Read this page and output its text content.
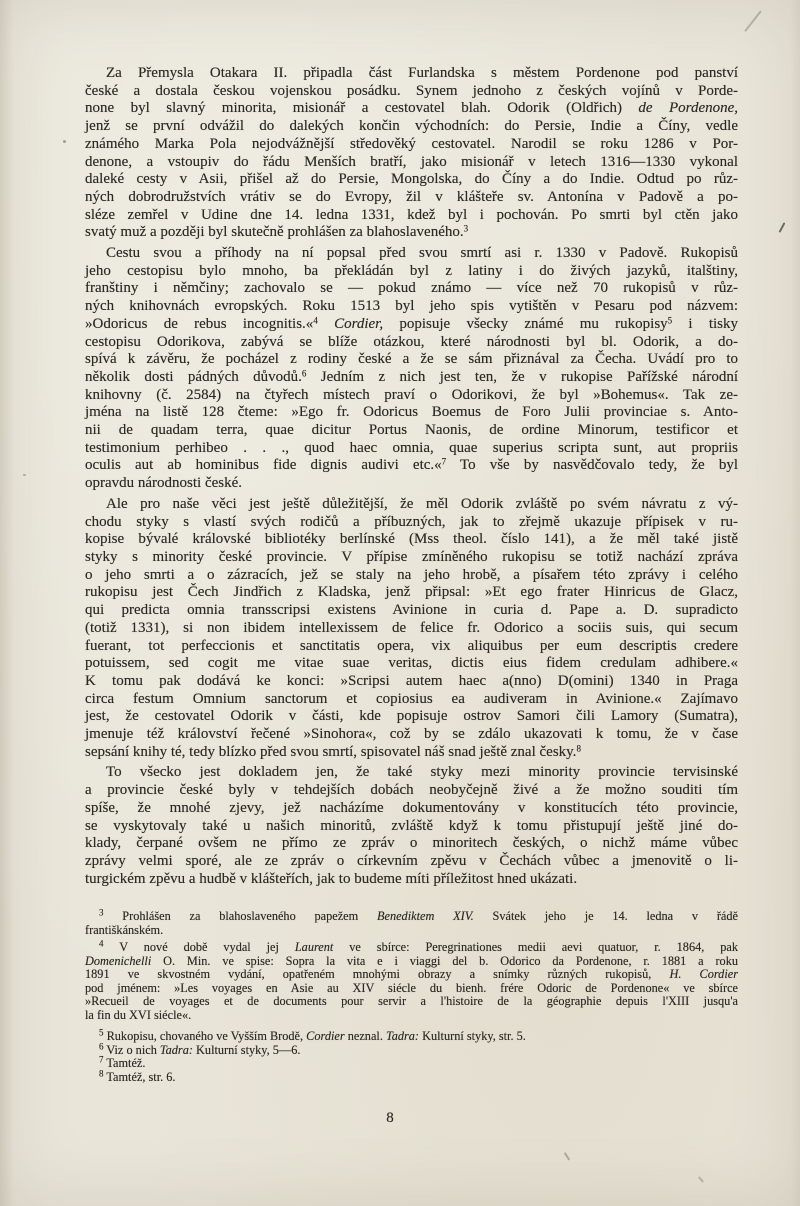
Za Přemysla Otakara II. připadla část Furlandska s městem Pordenone pod panství
české a dostala českou vojenskou posádku. Synem jednoho z českých vojínů v Porde-
none byl slavný minorita, misionář a cestovatel blah. Odorik (Oldřich) de Pordenone,
jenž se první odvážil do dalekých končin východních: do Persie, Indie a Číny, vedle
známého Marka Pola nejodvážnější středověký cestovatel. Narodil se roku 1286 v Por-
denone, a vstoupiv do řádu Menších bratří, jako misionář v letech 1316—1330 vykonal
daleké cesty v Asii, přišel až do Persie, Mongolska, do Číny a do Indie. Odtud po růz-
ných dobrodružstvích vrátiv se do Evropy, žil v klášteře sv. Antonína v Padově a po-
sléze zemřel v Udine dne 14. ledna 1331, kdež byl i pochován. Po smrti byl ctěn jako
svatý muž a později byl skutečně prohlášen za blahoslaveného.$^3$
Cestu svou a příhody na ní popsal před svou smrtí asi r. 1330 v Padově. Rukopisů
jeho cestopisu bylo mnoho, ba překládán byl z latiny i do živých jazyků, italštiny,
franštiny i němčiny; zachovalo se — pokud známo — více než 70 rukopisů v růz-
ných knihovnách evropských. Roku 1513 byl jeho spis vytištěn v Pesaru pod názvem:
»Odoricus de rebus incognitis.«$^4$ Cordier, popisuje všecky známé mu rukopisy$^5$ i tisky
cestopisu Odorikova, zabývá se blíže otázkou, které národnosti byl bl. Odorik, a do-
spívá k závěru, že pocházel z rodiny české a že se sám přiznával za Čecha. Uvádí pro to
několik dosti pádných důvodů.$^6$ Jedním z nich jest ten, že v rukopise Pařížské národní
knihovny (č. 2584) na čtyřech místech praví o Odorikovi, že byl »Bohemus«. Tak ze-
jména na listě 128 čteme: »Ego fr. Odoricus Boemus de Foro Julii provinciae s. Anto-
nii de quadam terra, quae dicitur Portus Naonis, de ordine Minorum, testificor et
testimonium perhibeo . . ., quod haec omnia, quae superius scripta sunt, aut propriis
oculis aut ab hominibus fide dignis audivi etc.«$^7$ To vše by nasvědčovalo tedy, že byl
opravdu národnosti české.
Ale pro naše věci jest ještě důležitější, že měl Odorik zvláště po svém návratu z vý-
chodu styky s vlastí svých rodičů a příbuzných, jak to zřejmě ukazuje přípisek v ru-
kopise bývalé královské bibliotéky berlínské (Mss theol. číslo 141), a že měl také jistě
styky s minority české provincie. V přípise zmíněného rukopisu se totiž nachází zpráva
o jeho smrti a o zázracích, jež se staly na jeho hrobě, a písařem této zprávy i celého
rukopisu jest Čech Jindřich z Kladska, jenž připsal: »Et ego frater Hinricus de Glacz,
qui predicta omnia transscripsi existens Avinione in curia d. Pape a. D. supradicto
(totiž 1331), si non ibidem intellexissem de felice fr. Odorico a sociis suis, qui secum
fuerant, tot perfeccionis et sanctitatis opera, vix aliquibus per eum descriptis credere
potuissem, sed cogit me vitae suae veritas, dictis eius fidem credulam adhibere.«
K tomu pak dodává ke konci: »Scripsi autem haec a(nno) D(omini) 1340 in Praga
circa festum Omnium sanctorum et copiosius ea audiveram in Avinione.« Zajímavo
jest, že cestovatel Odorik v části, kde popisuje ostrov Samori čili Lamory (Sumatra),
jmenuje též království řečené »Sinohora«, což by se zdálo ukazovati k tomu, že v čase
sepsání knihy té, tedy blízko před svou smrtí, spisovatel náš snad ještě znal česky.$^8$
To všecko jest dokladem jen, že také styky mezi minority provincie tervisinské
a provincie české byly v tehdejších dobách neobyčejně živé a že možno souditi tím
spíše, že mnohé zjevy, jež nacházíme dokumentovány v konstitucích této provincie,
se vyskytovaly také u našich minoritů, zvláště když k tomu přistupují ještě jiné do-
klady, čerpané ovšem ne přímo ze zpráv o minoritech českých, o nichž máme vůbec
zprávy velmi sporé, ale ze zpráv o církevním zpěvu v Čechách vůbec a jmenovitě o li-
turgickém zpěvu a hudbě v klášteřích, jak to budeme míti příležitost hned ukázati.
$^3$ Prohlášen za blahoslaveného papežem Benediktem XIV. Svátek jeho je 14. ledna v řádě
františkánském.
$^4$ V nové době vydal jej Laurent ve sbírce: Peregrinationes medii aevi quatuor, r. 1864, pak
Domenichelli O. Min. ve spise: Sopra la vita e i viaggi del b. Odorico da Pordenone, r. 1881 a roku
1891 ve skvostném vydání, opatřeném mnohými obrazy a snímky různých rukopisů, H. Cordier
pod jménem: »Les voyages en Asie au XIV siécle du bienh. frére Odoric de Pordenone« ve sbírce
»Recueil de voyages et de documents pour servir a l'histoire de la géographie depuis l'XIII jusqu'a
la fin du XVI siécle«.
$^5$ Rukopisu, chovaného ve Vyšším Brodě, Cordier neznal. Tadra: Kulturní styky, str. 5.
$^6$ Viz o nich Tadra: Kulturní styky, 5—6.
$^7$ Tamtéž.
$^8$ Tamtéž, str. 6.
8
